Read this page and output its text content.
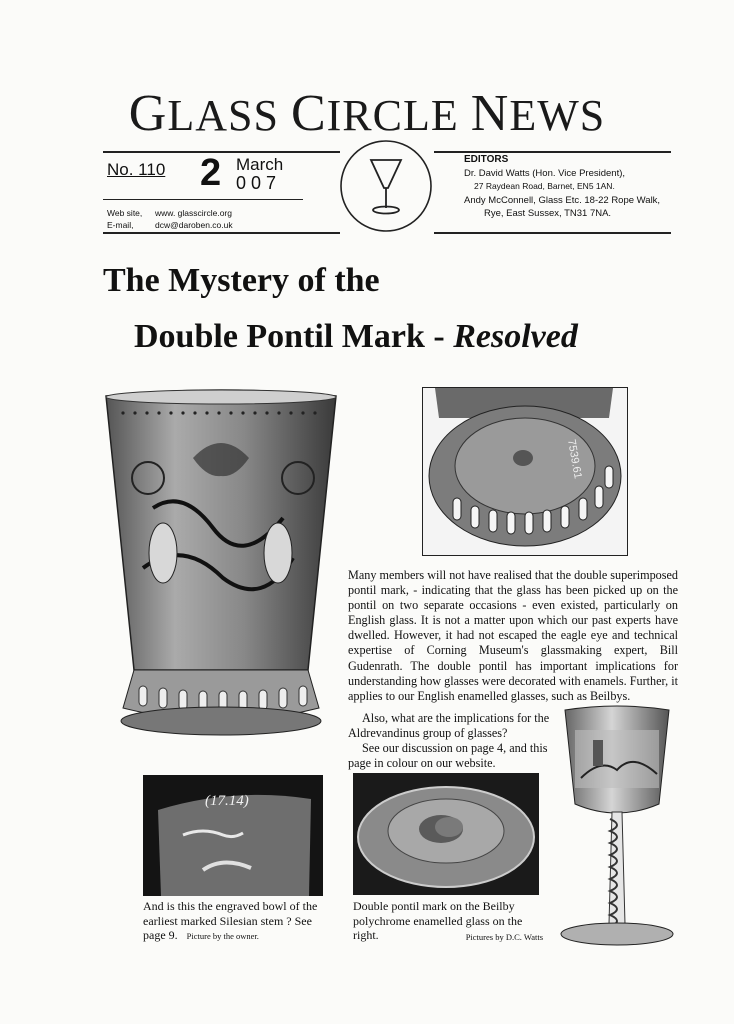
GLASS CIRCLE NEWS
No. 110 2 March
007
Web site, www. glasscircle.org
E-mail,	dcw@daroben.co.uk
EDITORS
Dr. David Watts (Hon. Vice President),
27 Raydean Road, Barnet, EN5 1AN.
Andy McConnell, Glass Etc. 18-22 Rope Walk,
Rye, East Sussex, TN31 7NA.
The Mystery of the
Double Pontil Mark - Resolved
7539.61

Many members will not have realised that the double superimposed pontil mark, - indicating that the glass has been picked up on the pontil on two separate occasions - even existed, particularly on English glass. It is not a matter upon which our past experts have dwelled. However, it had not escaped the eagle eye and technical expertise of Corning Museum's glassmaking expert, Bill Gudenrath. The double pontil has important implications for understanding how glasses were decorated with enamels. Further, it applies to our English enamelled glasses, such as Beilbys.

Also, what are the implications for the Aldrevandinus group of glasses?

See our discussion on page 4, and this page in colour on our website.

(17.14)
And is this the engraved bowl of the earliest marked Silesian stem ? See page 9. Picture by the owner.
Double pontil mark on the Beilby polychrome enamelled glass on the right.	Pictures by D.C. Watts
